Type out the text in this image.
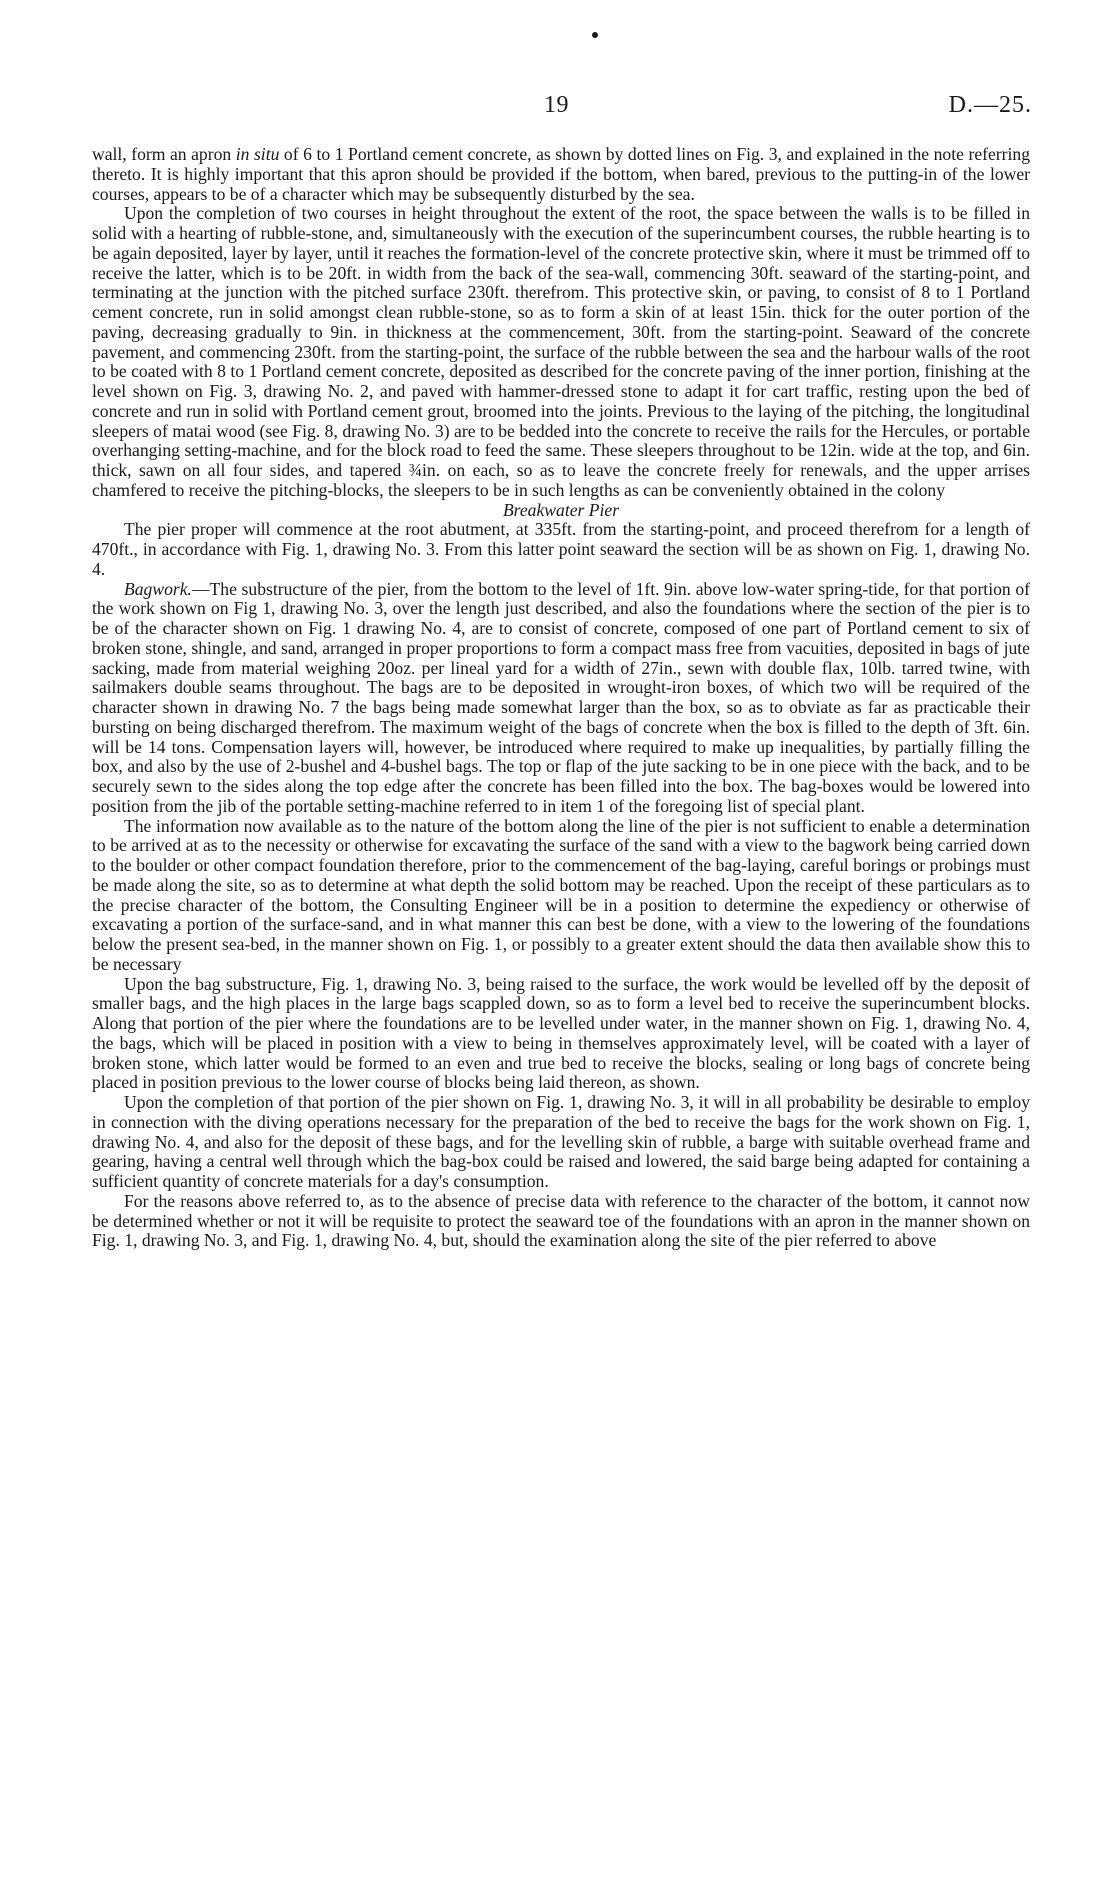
19	D.—25.

wall, form an apron in situ of 6 to 1 Portland cement concrete, as shown by dotted lines on Fig. 3, and explained in the note referring thereto. It is highly important that this apron should be provided if the bottom, when bared, previous to the putting-in of the lower courses, appears to be of a character which may be subsequently disturbed by the sea.

Upon the completion of two courses in height throughout the extent of the root, the space between the walls is to be filled in solid with a hearting of rubble-stone, and, simultaneously with the execution of the superincumbent courses, the rubble hearting is to be again deposited, layer by layer, until it reaches the formation-level of the concrete protective skin, where it must be trimmed off to receive the latter, which is to be 20ft. in width from the back of the sea-wall, commencing 30ft. seaward of the starting-point, and terminating at the junction with the pitched surface 230ft. therefrom. This protective skin, or paving, to consist of 8 to 1 Portland cement concrete, run in solid amongst clean rubble-stone, so as to form a skin of at least 15in. thick for the outer portion of the paving, decreasing gradually to 9in. in thickness at the commencement, 30ft. from the starting-point. Seaward of the concrete pavement, and commencing 230ft. from the starting-point, the surface of the rubble between the sea and the harbour walls of the root to be coated with 8 to 1 Portland cement concrete, deposited as described for the concrete paving of the inner portion, finishing at the level shown on Fig. 3, drawing No. 2, and paved with hammer-dressed stone to adapt it for cart traffic, resting upon the bed of concrete and run in solid with Portland cement grout, broomed into the joints. Previous to the laying of the pitching, the longitudinal sleepers of matai wood (see Fig. 8, drawing No. 3) are to be bedded into the concrete to receive the rails for the Hercules, or portable overhanging setting-machine, and for the block road to feed the same. These sleepers throughout to be 12in. wide at the top, and 6in. thick, sawn on all four sides, and tapered ¾in. on each, so as to leave the concrete freely for renewals, and the upper arrises chamfered to receive the pitching-blocks, the sleepers to be in such lengths as can be conveniently obtained in the colony

Breakwater Pier

The pier proper will commence at the root abutment, at 335ft. from the starting-point, and proceed therefrom for a length of 470ft., in accordance with Fig. 1, drawing No. 3. From this latter point seaward the section will be as shown on Fig. 1, drawing No. 4.

Bagwork.—The substructure of the pier, from the bottom to the level of 1ft. 9in. above low-water spring-tide, for that portion of the work shown on Fig 1, drawing No. 3, over the length just described, and also the foundations where the section of the pier is to be of the character shown on Fig. 1 drawing No. 4, are to consist of concrete, composed of one part of Portland cement to six of broken stone, shingle, and sand, arranged in proper proportions to form a compact mass free from vacuities, deposited in bags of jute sacking, made from material weighing 20oz. per lineal yard for a width of 27in., sewn with double flax, 10lb. tarred twine, with sailmakers double seams throughout. The bags are to be deposited in wrought-iron boxes, of which two will be required of the character shown in drawing No. 7 the bags being made somewhat larger than the box, so as to obviate as far as practicable their bursting on being discharged therefrom. The maximum weight of the bags of concrete when the box is filled to the depth of 3ft. 6in. will be 14 tons. Compensation layers will, however, be introduced where required to make up inequalities, by partially filling the box, and also by the use of 2-bushel and 4-bushel bags. The top or flap of the jute sacking to be in one piece with the back, and to be securely sewn to the sides along the top edge after the concrete has been filled into the box. The bag-boxes would be lowered into position from the jib of the portable setting-machine referred to in item 1 of the foregoing list of special plant.

The information now available as to the nature of the bottom along the line of the pier is not sufficient to enable a determination to be arrived at as to the necessity or otherwise for excavating the surface of the sand with a view to the bagwork being carried down to the boulder or other compact foundation therefore, prior to the commencement of the bag-laying, careful borings or probings must be made along the site, so as to determine at what depth the solid bottom may be reached. Upon the receipt of these particulars as to the precise character of the bottom, the Consulting Engineer will be in a position to determine the expediency or otherwise of excavating a portion of the surface-sand, and in what manner this can best be done, with a view to the lowering of the foundations below the present sea-bed, in the manner shown on Fig. 1, or possibly to a greater extent should the data then available show this to be necessary

Upon the bag substructure, Fig. 1, drawing No. 3, being raised to the surface, the work would be levelled off by the deposit of smaller bags, and the high places in the large bags scappled down, so as to form a level bed to receive the superincumbent blocks. Along that portion of the pier where the foundations are to be levelled under water, in the manner shown on Fig. 1, drawing No. 4, the bags, which will be placed in position with a view to being in themselves approximately level, will be coated with a layer of broken stone, which latter would be formed to an even and true bed to receive the blocks, sealing or long bags of concrete being placed in position previous to the lower course of blocks being laid thereon, as shown.

Upon the completion of that portion of the pier shown on Fig. 1, drawing No. 3, it will in all probability be desirable to employ in connection with the diving operations necessary for the preparation of the bed to receive the bags for the work shown on Fig. 1, drawing No. 4, and also for the deposit of these bags, and for the levelling skin of rubble, a barge with suitable overhead frame and gearing, having a central well through which the bag-box could be raised and lowered, the said barge being adapted for containing a sufficient quantity of concrete materials for a day's consumption.

For the reasons above referred to, as to the absence of precise data with reference to the character of the bottom, it cannot now be determined whether or not it will be requisite to protect the seaward toe of the foundations with an apron in the manner shown on Fig. 1, drawing No. 3, and Fig. 1, drawing No. 4, but, should the examination along the site of the pier referred to above
